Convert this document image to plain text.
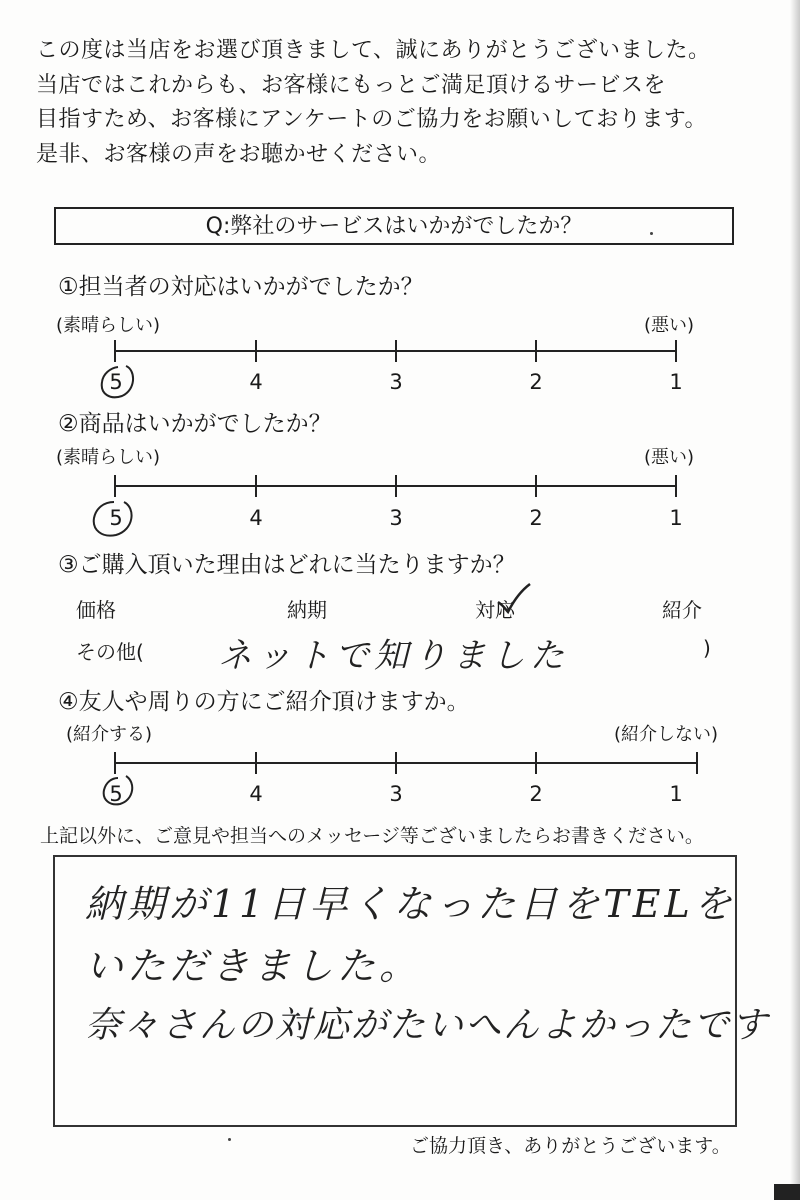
この度は当店をお選び頂きまして、誠にありがとうございました。
当店ではこれからも、お客様にもっとご満足頂けるサービスを
目指すため、お客様にアンケートのご協力をお願いしております。
是非、お客様の声をお聴かせください。
Q:弊社のサービスはいかがでしたか？
①担当者の対応はいかがでしたか？
(素晴らしい)	(悪い)
5	4	3	2	1
②商品はいかがでしたか？
(素晴らしい)	(悪い)
5	4	3	2	1
③ご購入頂いた理由はどれに当たりますか？
価格	納期	対応	紹介
その他( ネットで知りました	)
④友人や周りの方にご紹介頂けますか。
(紹介する)	(紹介しない)
5	4	3	2	1
上記以外に、ご意見や担当へのメッセージ等ございましたらお書きください。
納期が11日早くなった日をTELを
いただきました。
奈々さんの対応がたいへんよかったです
ご協力頂き、ありがとうございます。
